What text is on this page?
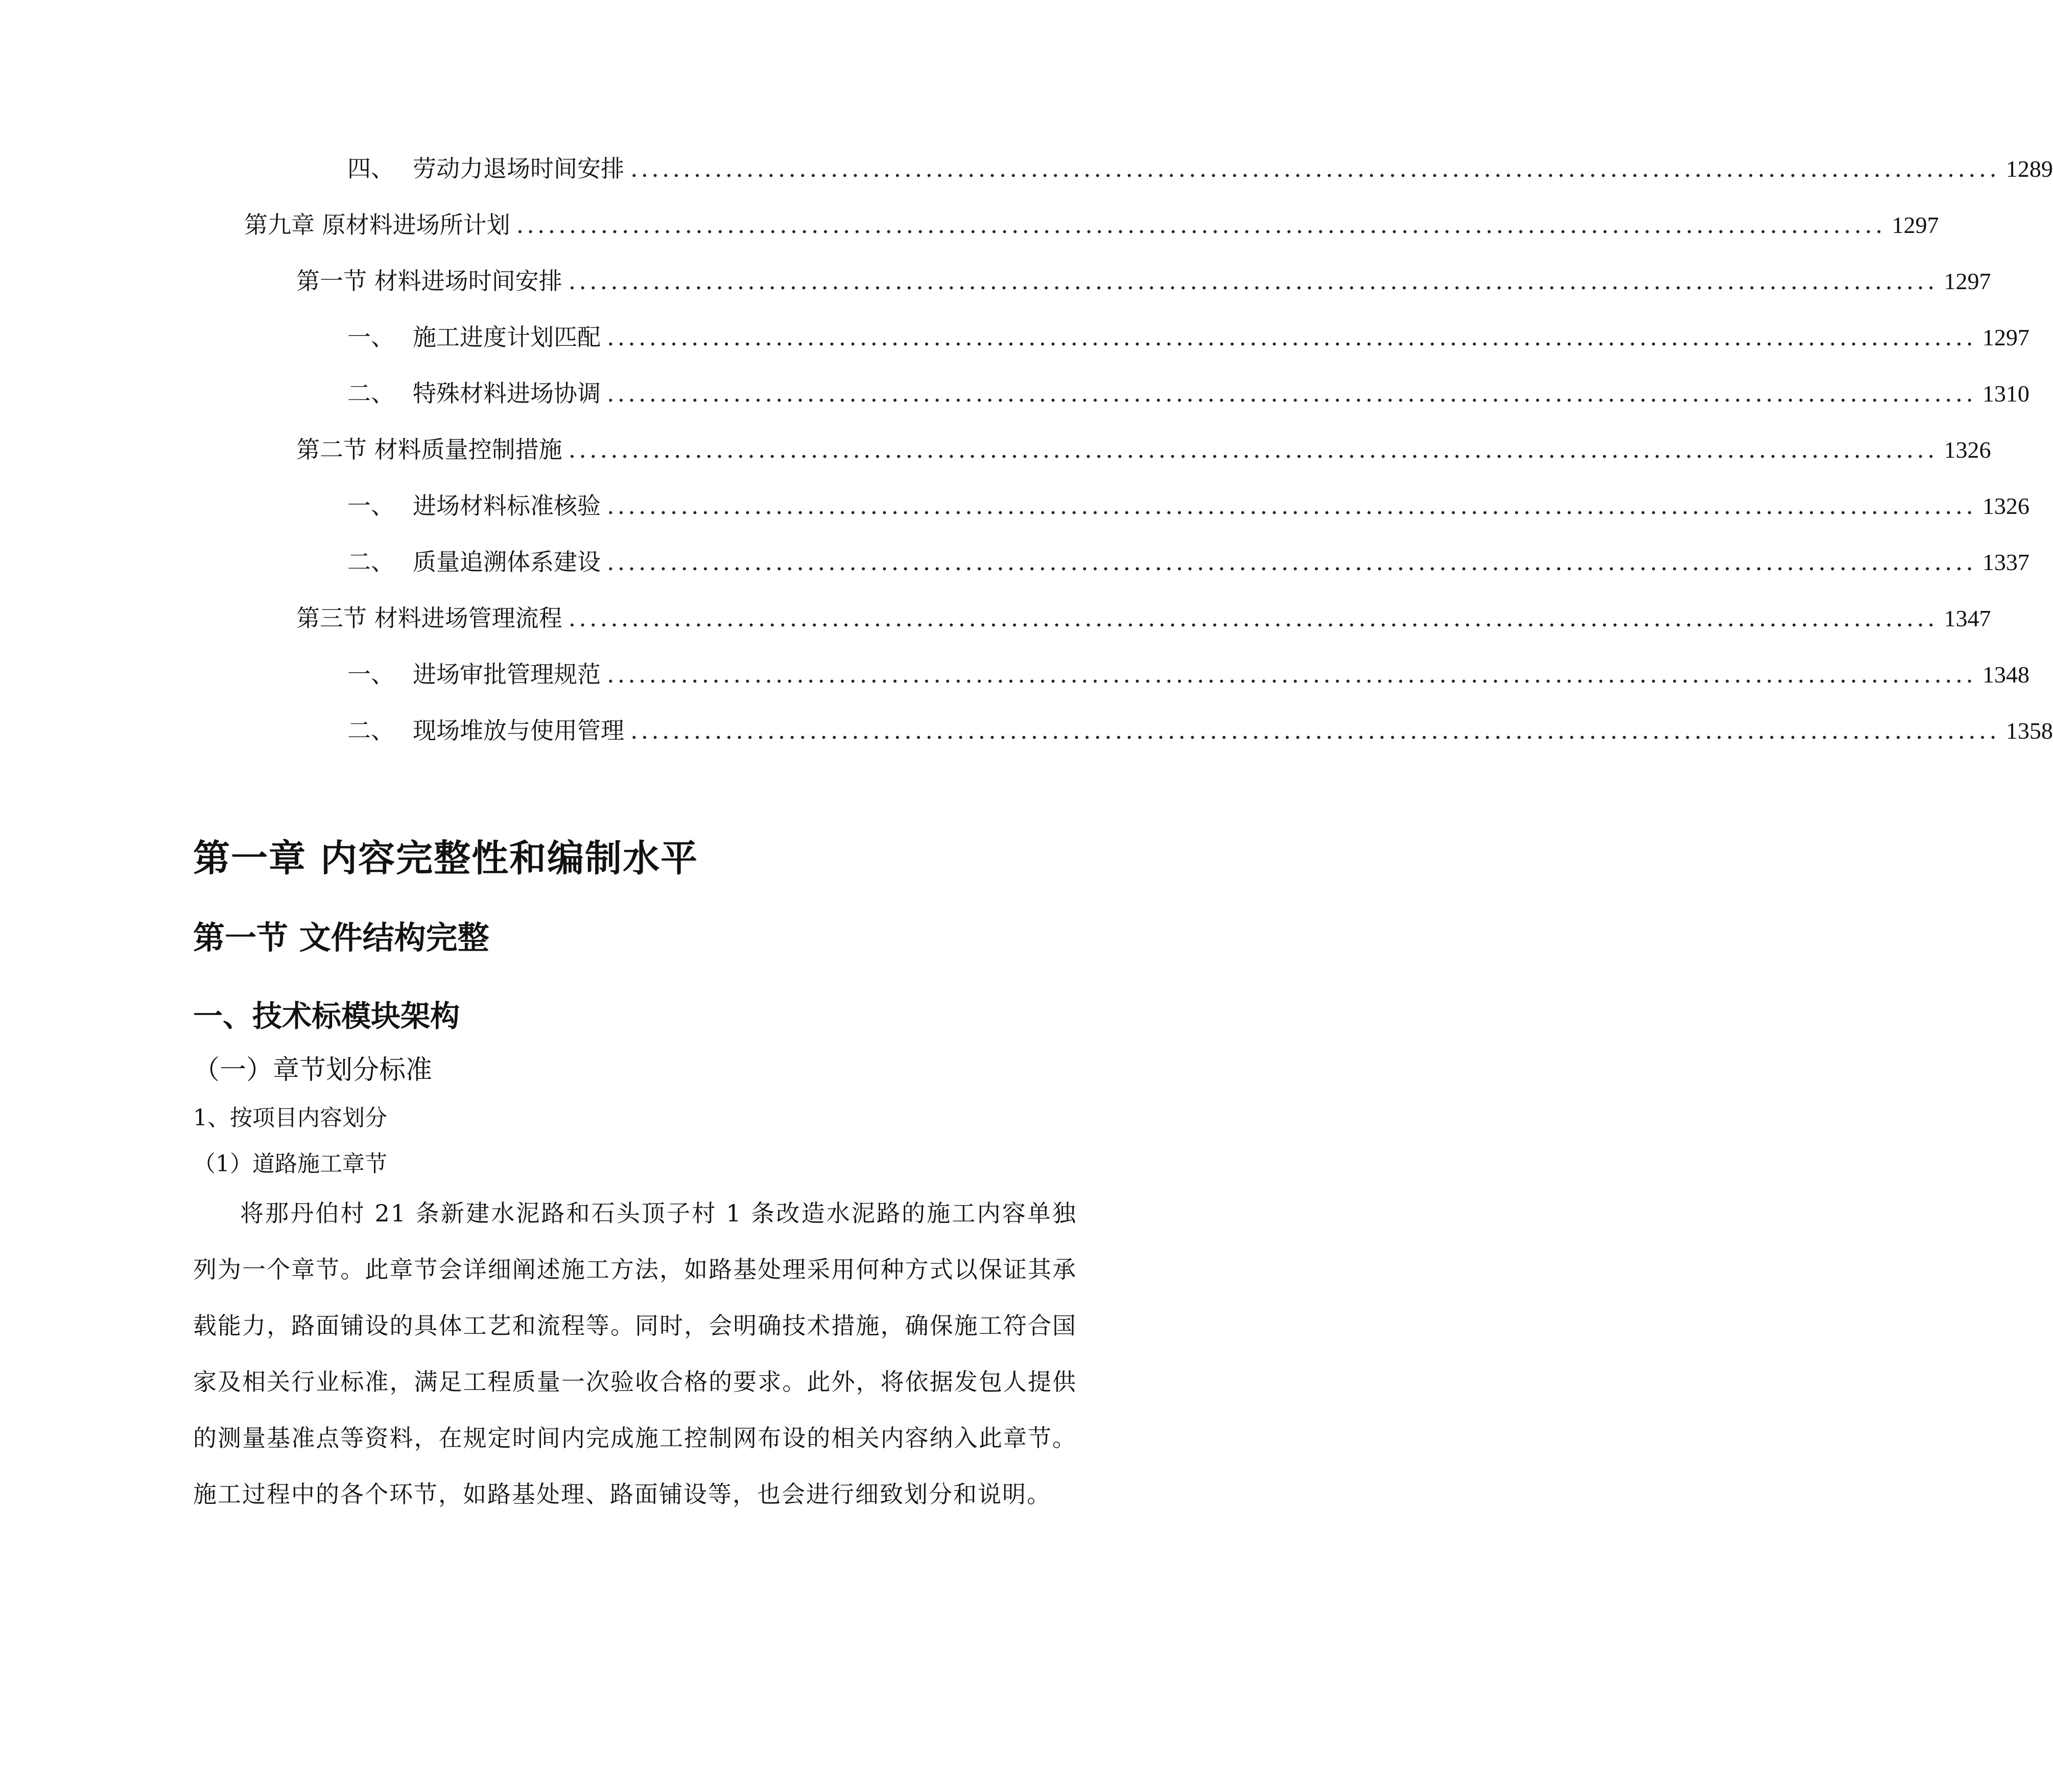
四、 劳动力退场时间安排 .................................................................................................................................. 1289
第九章 原材料进场所计划 .................................................................................................................................. 1297
第一节 材料进场时间安排 .................................................................................................................................. 1297
一、 施工进度计划匹配 .................................................................................................................................. 1297
二、 特殊材料进场协调 .................................................................................................................................. 1310
第二节 材料质量控制措施 .................................................................................................................................. 1326
一、 进场材料标准核验 .................................................................................................................................. 1326
二、 质量追溯体系建设 .................................................................................................................................. 1337
第三节 材料进场管理流程 .................................................................................................................................. 1347
一、 进场审批管理规范 .................................................................................................................................. 1348
二、 现场堆放与使用管理 .................................................................................................................................. 1358
第一章 内容完整性和编制水平
第一节 文件结构完整
一、技术标模块架构
（一）章节划分标准
1、按项目内容划分
（1）道路施工章节

将那丹伯村 21 条新建水泥路和石头顶子村 1 条改造水泥路的施工内容单独列为一个章节。此章节会详细阐述施工方法，如路基处理采用何种方式以保证其承载能力，路面铺设的具体工艺和流程等。同时，会明确技术措施，确保施工符合国家及相关行业标准，满足工程质量一次验收合格的要求。此外，将依据发包人提供的测量基准点等资料，在规定时间内完成施工控制网布设的相关内容纳入此章节。施工过程中的各个环节，如路基处理、路面铺设等，也会进行细致划分和说明。
